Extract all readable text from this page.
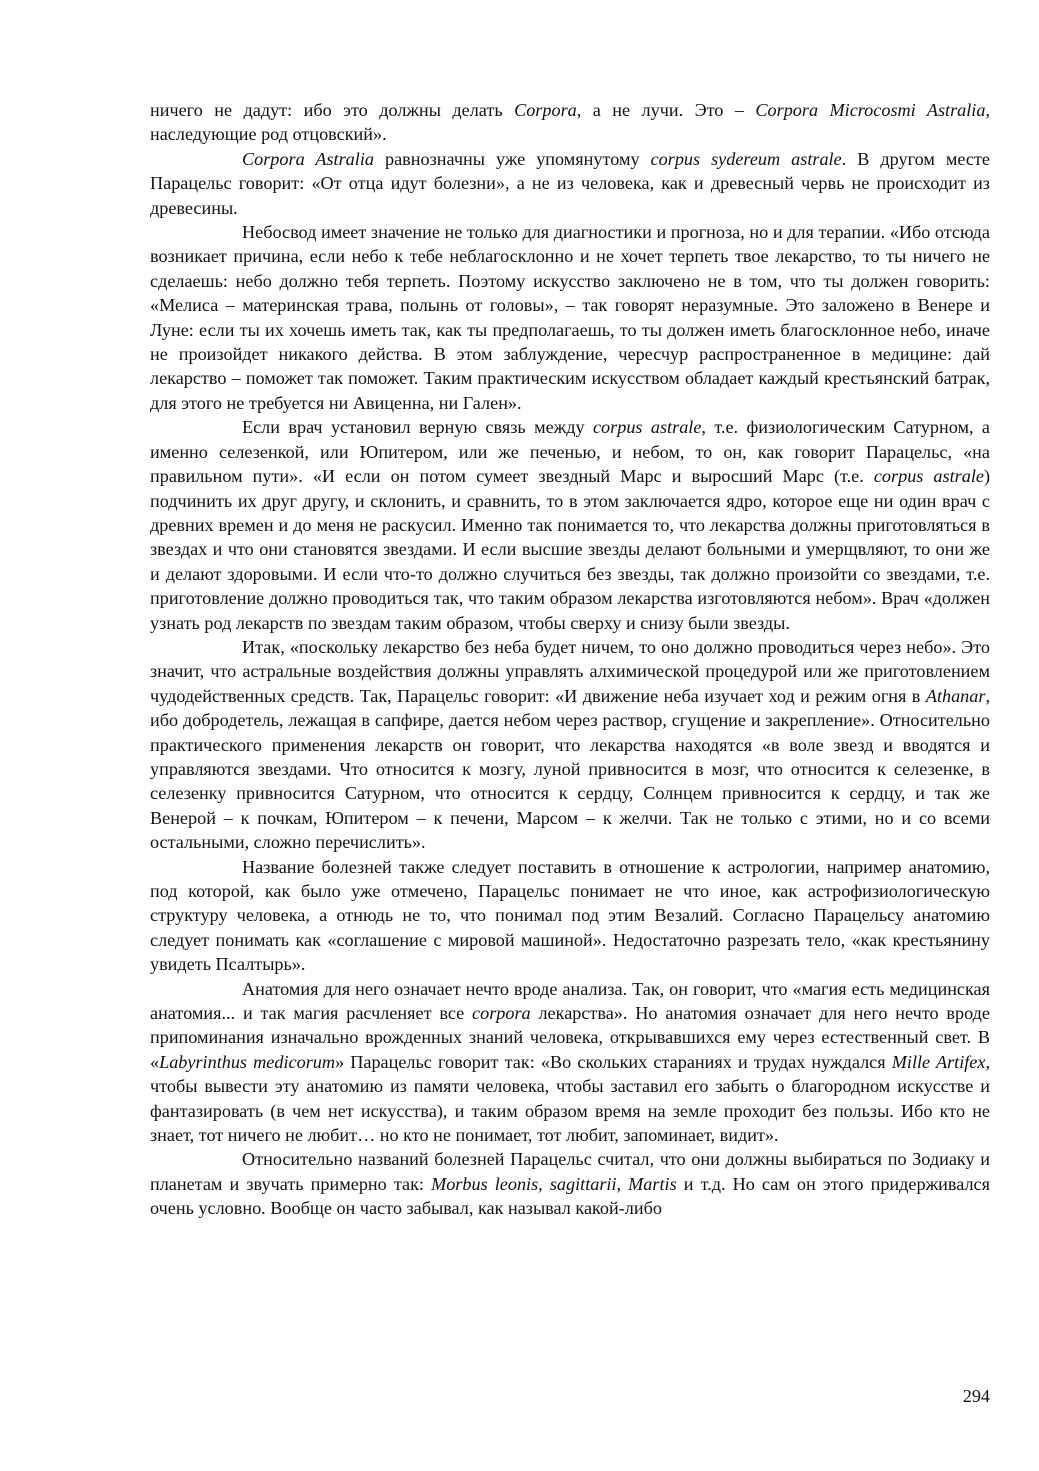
ничего не дадут: ибо это должны делать Corpora, а не лучи. Это – Corpora Microcosmi Astralia, наследующие род отцовский».

Corpora Astralia равнозначны уже упомянутому corpus sydereum astrale. В другом месте Парацельс говорит: «От отца идут болезни», а не из человека, как и древесный червь не происходит из древесины.

Небосвод имеет значение не только для диагностики и прогноза, но и для терапии. «Ибо отсюда возникает причина, если небо к тебе неблагосклонно и не хочет терпеть твое лекарство, то ты ничего не сделаешь: небо должно тебя терпеть. Поэтому искусство заключено не в том, что ты должен говорить: «Мелиса – материнская трава, полынь от головы», – так говорят неразумные. Это заложено в Венере и Луне: если ты их хочешь иметь так, как ты предполагаешь, то ты должен иметь благосклонное небо, иначе не произойдет никакого действа. В этом заблуждение, чересчур распространенное в медицине: дай лекарство – поможет так поможет. Таким практическим искусством обладает каждый крестьянский батрак, для этого не требуется ни Авиценна, ни Гален».

Если врач установил верную связь между corpus astrale, т.е. физиологическим Сатурном, а именно селезенкой, или Юпитером, или же печенью, и небом, то он, как говорит Парацельс, «на правильном пути». «И если он потом сумеет звездный Марс и выросший Марс (т.е. corpus astrale) подчинить их друг другу, и склонить, и сравнить, то в этом заключается ядро, которое еще ни один врач с древних времен и до меня не раскусил. Именно так понимается то, что лекарства должны приготовляться в звездах и что они становятся звездами. И если высшие звезды делают больными и умерщвляют, то они же и делают здоровыми. И если что-то должно случиться без звезды, так должно произойти со звездами, т.е. приготовление должно проводиться так, что таким образом лекарства изготовляются небом». Врач «должен узнать род лекарств по звездам таким образом, чтобы сверху и снизу были звезды.

Итак, «поскольку лекарство без неба будет ничем, то оно должно проводиться через небо». Это значит, что астральные воздействия должны управлять алхимической процедурой или же приготовлением чудодейственных средств. Так, Парацельс говорит: «И движение неба изучает ход и режим огня в Athanar, ибо добродетель, лежащая в сапфире, дается небом через раствор, сгущение и закрепление». Относительно практического применения лекарств он говорит, что лекарства находятся «в воле звезд и вводятся и управляются звездами. Что относится к мозгу, луной привносится в мозг, что относится к селезенке, в селезенку привносится Сатурном, что относится к сердцу, Солнцем привносится к сердцу, и так же Венерой – к почкам, Юпитером – к печени, Марсом – к желчи. Так не только с этими, но и со всеми остальными, сложно перечислить».

Название болезней также следует поставить в отношение к астрологии, например анатомию, под которой, как было уже отмечено, Парацельс понимает не что иное, как астрофизиологическую структуру человека, а отнюдь не то, что понимал под этим Везалий. Согласно Парацельсу анатомию следует понимать как «соглашение с мировой машиной». Недостаточно разрезать тело, «как крестьянину увидеть Псалтырь».

Анатомия для него означает нечто вроде анализа. Так, он говорит, что «магия есть медицинская анатомия... и так магия расчленяет все corpora лекарства». Но анатомия означает для него нечто вроде припоминания изначально врожденных знаний человека, открывавшихся ему через естественный свет. В «Labyrinthus medicorum» Парацельс говорит так: «Во скольких стараниях и трудах нуждался Mille Artifex, чтобы вывести эту анатомию из памяти человека, чтобы заставил его забыть о благородном искусстве и фантазировать (в чем нет искусства), и таким образом время на земле проходит без пользы. Ибо кто не знает, тот ничего не любит… но кто не понимает, тот любит, запоминает, видит».

Относительно названий болезней Парацельс считал, что они должны выбираться по Зодиаку и планетам и звучать примерно так: Morbus leonis, sagittarii, Martis и т.д. Но сам он этого придерживался очень условно. Вообще он часто забывал, как называл какой-либо

294
